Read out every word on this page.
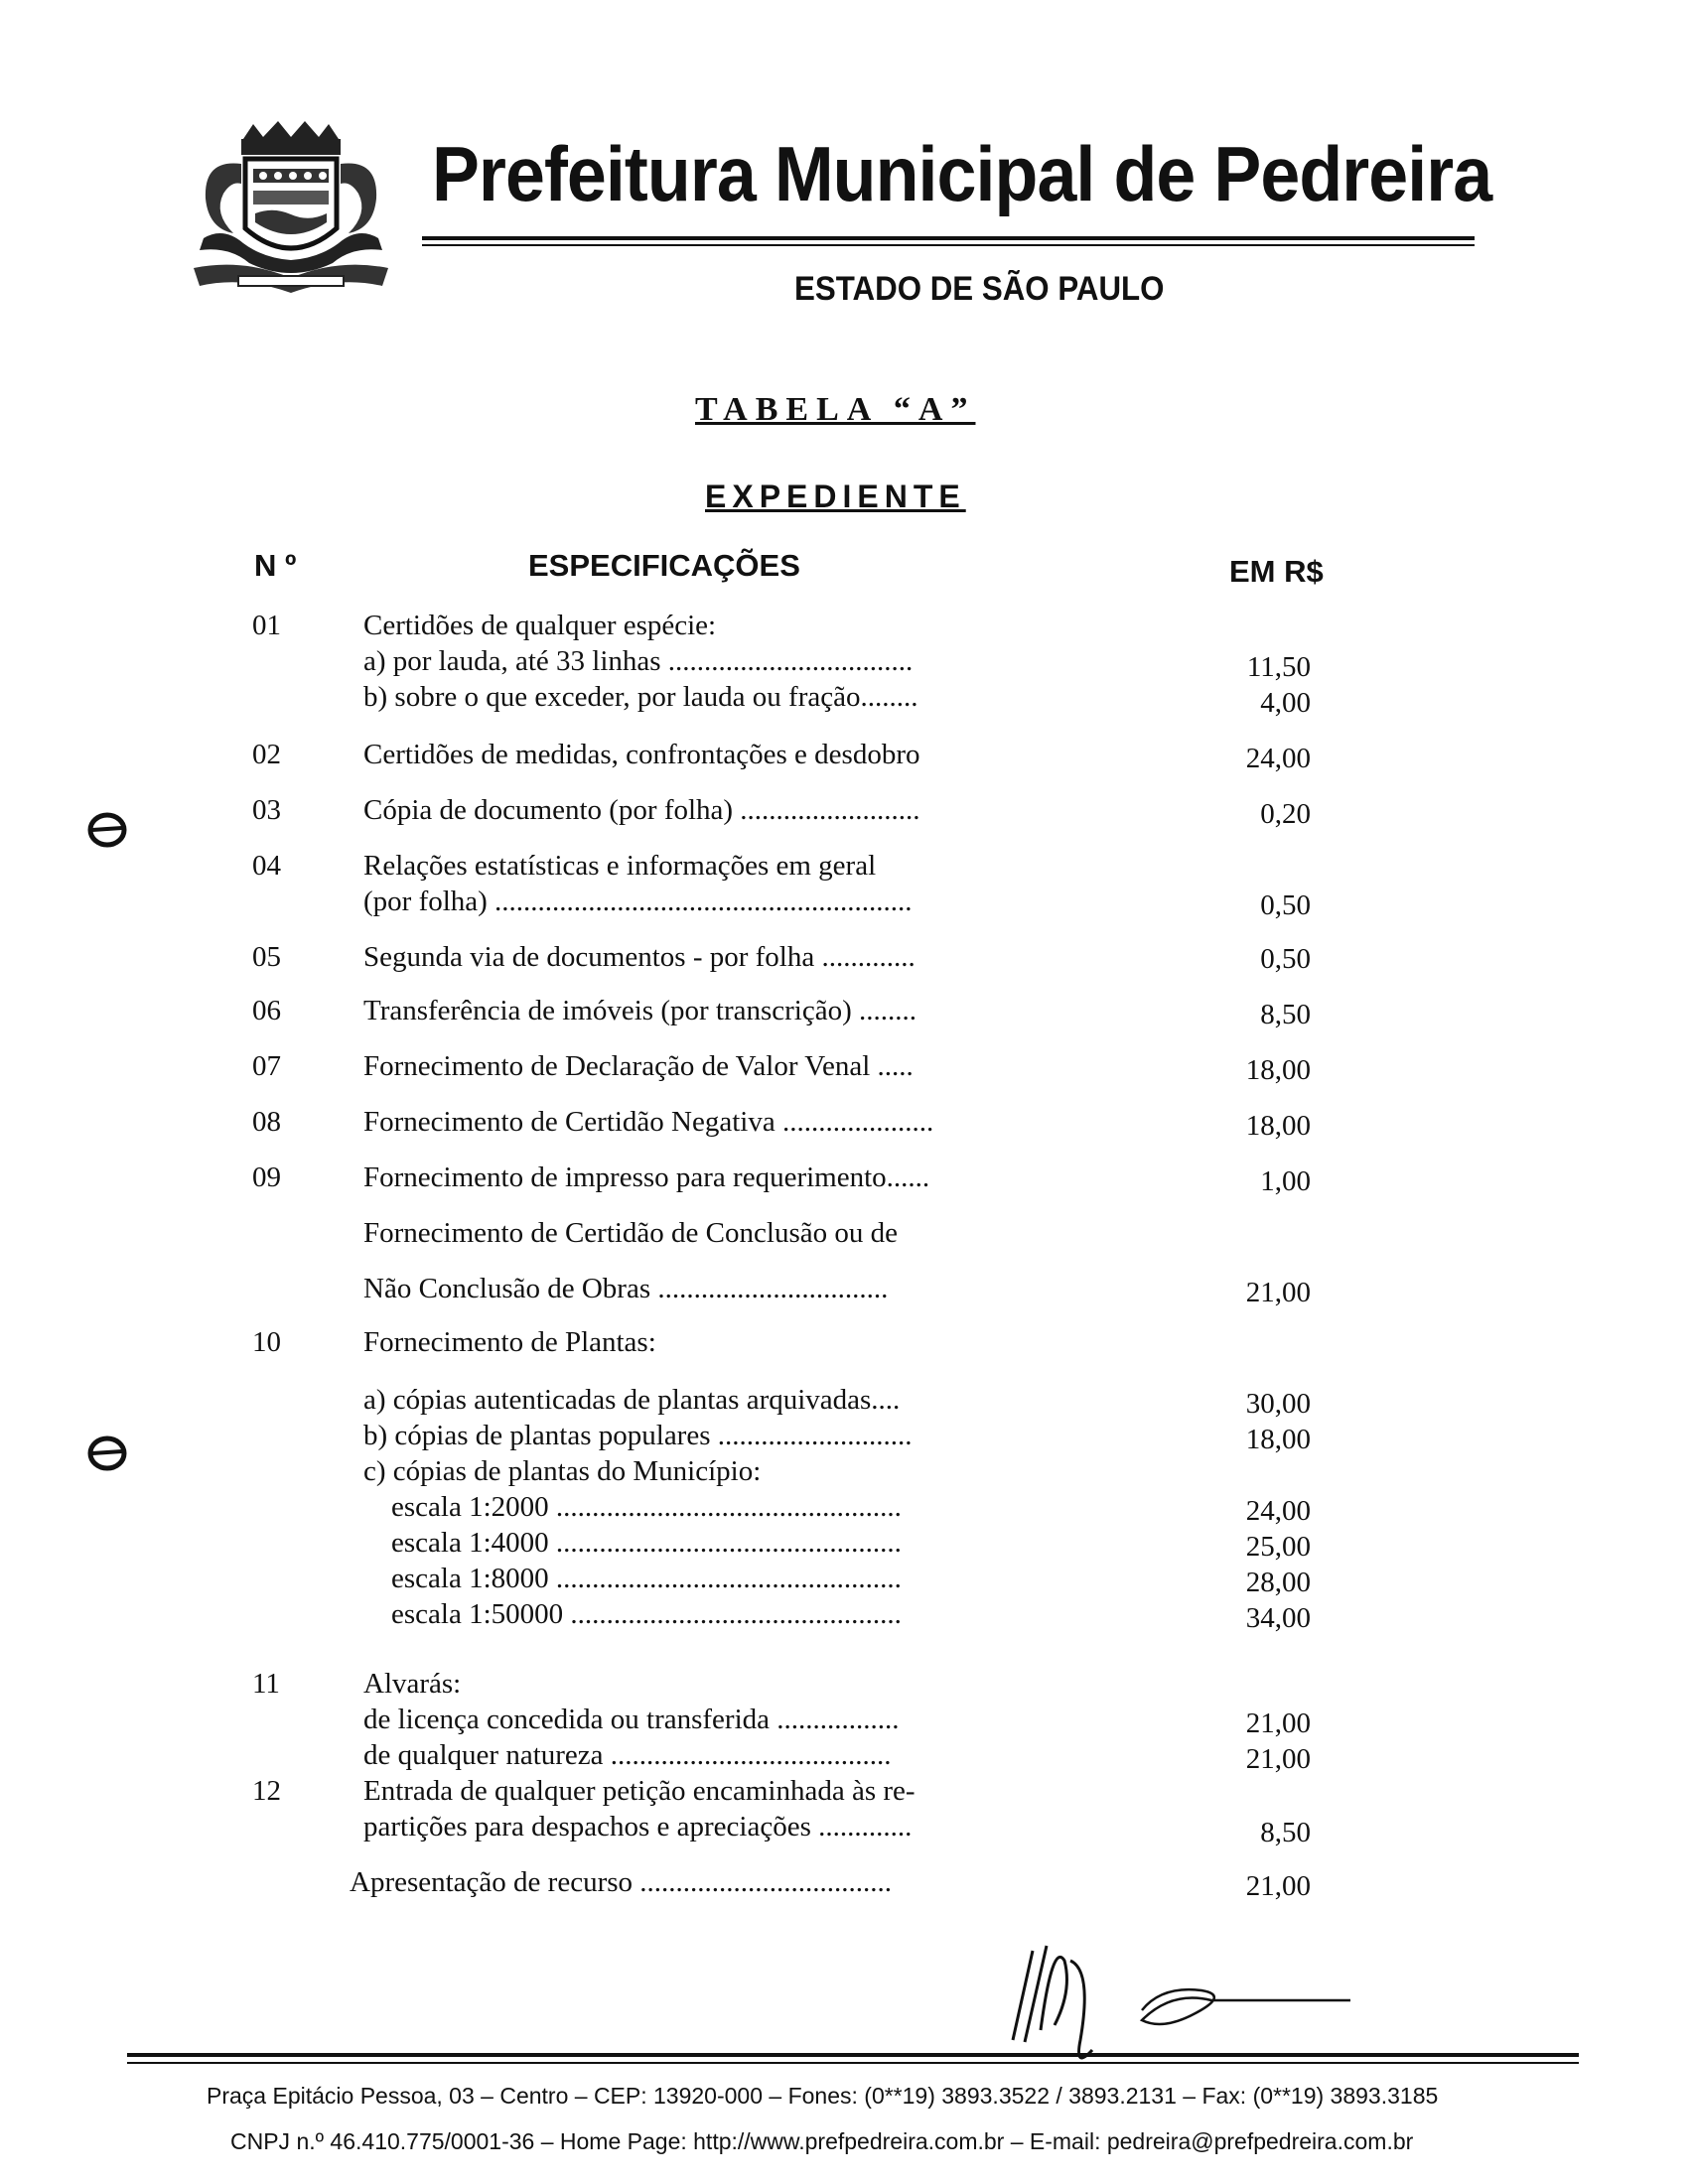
Prefeitura Municipal de Pedreira
ESTADO DE SÃO PAULO
TABELA “A”
EXPEDIENTE
N º	ESPECIFICAÇÕES	EM R$
01	Certidões de qualquer espécie:
a) por lauda, até 33 linhas ..................................	11,50
b) sobre o que exceder, por lauda ou fração........	4,00
02	Certidões de medidas, confrontações e desdobro	24,00
03	Cópia de documento (por folha) .........................	0,20
04	Relações estatísticas e informações em geral
(por folha) ..........................................................	0,50
05	Segunda via de documentos - por folha .............	0,50
06	Transferência de imóveis (por transcrição) ........	8,50
07	Fornecimento de Declaração de Valor Venal .....	18,00
08	Fornecimento de Certidão Negativa .....................	18,00
09	Fornecimento de impresso para requerimento......	1,00
Fornecimento de Certidão de Conclusão ou de
Não Conclusão de Obras ................................	21,00
10	Fornecimento de Plantas:
a) cópias autenticadas de plantas arquivadas....	30,00
b) cópias de plantas populares ...........................	18,00
c) cópias de plantas do Município:
escala 1:2000 ................................................	24,00
escala 1:4000 ................................................	25,00
escala 1:8000 ................................................	28,00
escala 1:50000 ..............................................	34,00
11	Alvarás:
de licença concedida ou transferida .................	21,00
de qualquer natureza .......................................	21,00
12	Entrada de qualquer petição encaminhada às re-
partições para despachos e apreciações .............	8,50
Apresentação de recurso ...................................	21,00
Praça Epitácio Pessoa, 03 – Centro – CEP: 13920-000 – Fones: (0**19) 3893.3522 / 3893.2131 – Fax: (0**19) 3893.3185
CNPJ n.º 46.410.775/0001-36 – Home Page: http://www.prefpedreira.com.br – E-mail: pedreira@prefpedreira.com.br
